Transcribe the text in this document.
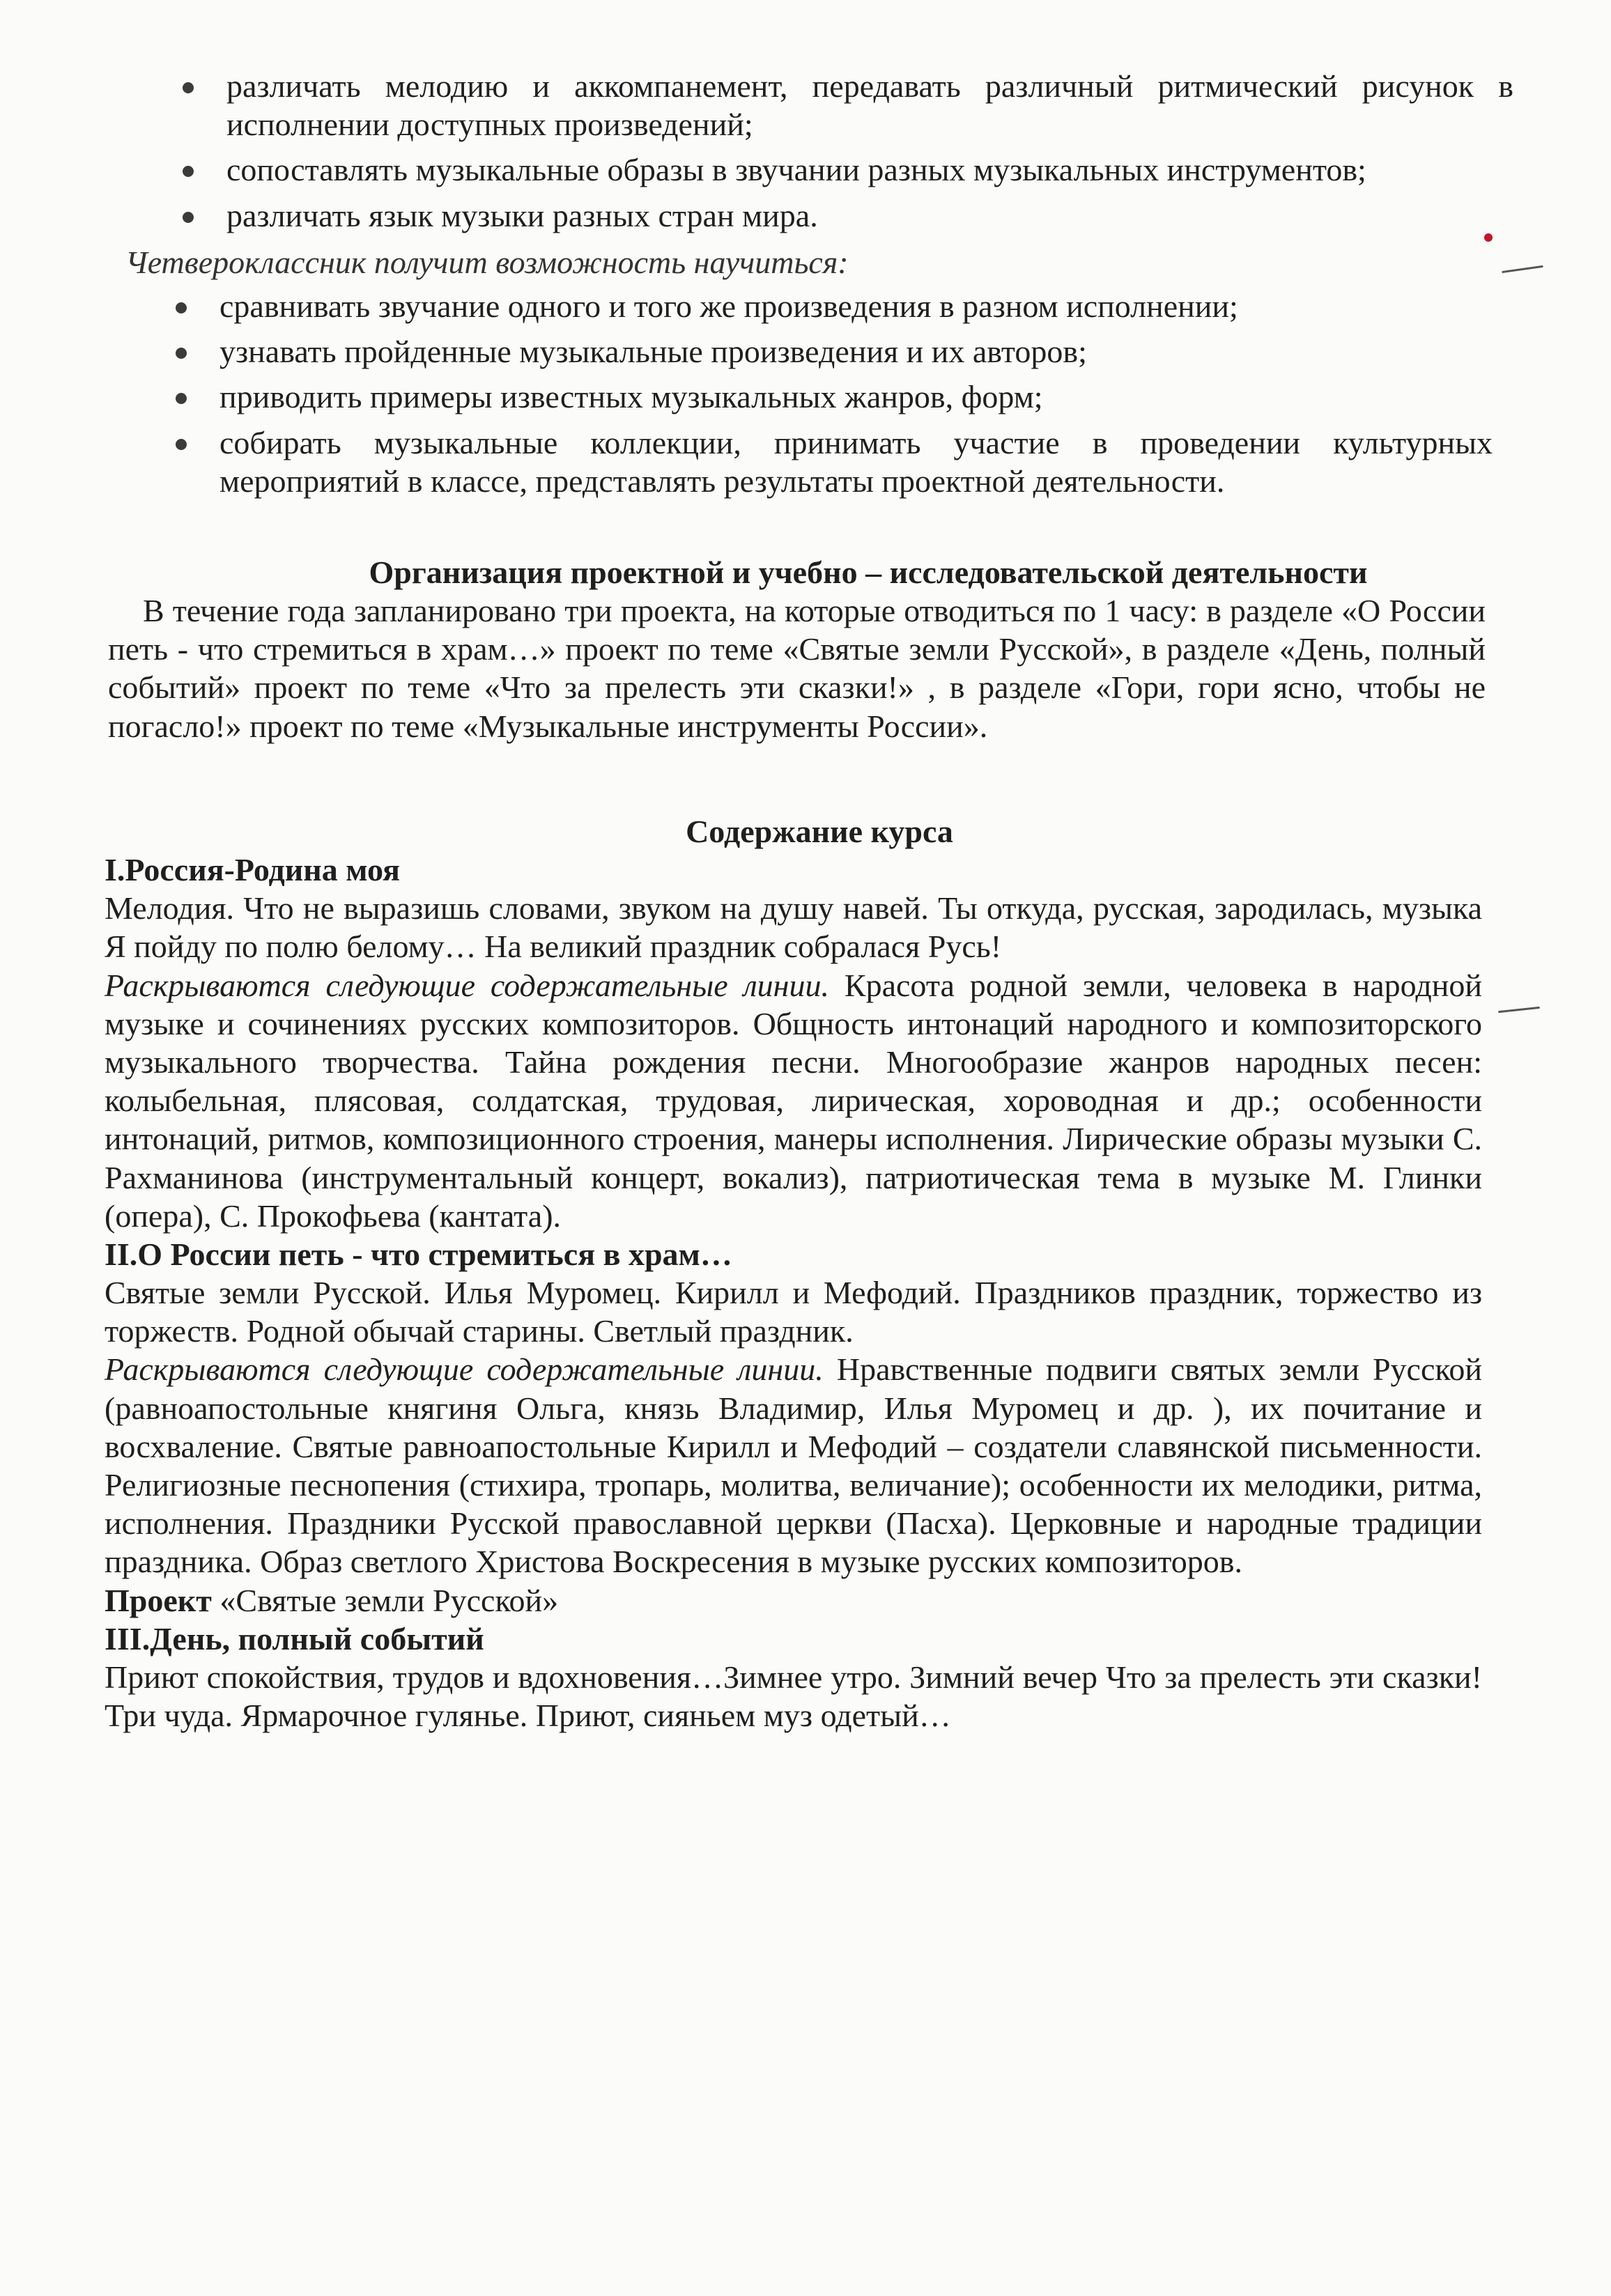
различать мелодию и аккомпанемент, передавать различный ритмический рисунок в исполнении доступных произведений;
сопоставлять музыкальные образы в звучании разных музыкальных инструментов;
различать язык музыки разных стран мира.
Четвероклассник получит возможность научиться:
сравнивать звучание одного и того же произведения в разном исполнении;
узнавать пройденные музыкальные произведения и их авторов;
приводить примеры известных музыкальных жанров, форм;
собирать музыкальные коллекции, принимать участие в проведении культурных мероприятий в классе, представлять результаты проектной деятельности.
Организация проектной и учебно – исследовательской деятельности
В течение года запланировано три проекта, на которые отводиться по 1 часу: в разделе «О России петь - что стремиться в храм…» проект по теме «Святые земли Русской», в разделе «День, полный событий» проект по теме «Что за прелесть эти сказки!» , в разделе «Гори, гори ясно, чтобы не погасло!» проект по теме «Музыкальные инструменты России».
Содержание курса
I.Россия-Родина моя
Мелодия. Что не выразишь словами, звуком на душу навей. Ты откуда, русская, зародилась, музыка Я пойду по полю белому… На великий праздник собралася Русь!
Раскрываются следующие содержательные линии. Красота родной земли, человека в народной музыке и сочинениях русских композиторов. Общность интонаций народного и композиторского музыкального творчества. Тайна рождения песни. Многообразие жанров народных песен: колыбельная, плясовая, солдатская, трудовая, лирическая, хороводная и др.; особенности интонаций, ритмов, композиционного строения, манеры исполнения. Лирические образы музыки С. Рахманинова (инструментальный концерт, вокализ), патриотическая тема в музыке М. Глинки (опера), С. Прокофьева (кантата).
II.О России петь - что стремиться в храм…
Святые земли Русской. Илья Муромец. Кирилл и Мефодий. Праздников праздник, торжество из торжеств. Родной обычай старины. Светлый праздник.
Раскрываются следующие содержательные линии. Нравственные подвиги святых земли Русской (равноапостольные княгиня Ольга, князь Владимир, Илья Муромец и др. ), их почитание и восхваление. Святые равноапостольные Кирилл и Мефодий – создатели славянской письменности. Религиозные песнопения (стихира, тропарь, молитва, величание); особенности их мелодики, ритма, исполнения. Праздники Русской православной церкви (Пасха). Церковные и народные традиции праздника. Образ светлого Христова Воскресения в музыке русских композиторов.
Проект «Святые земли Русской»
III.День, полный событий
Приют спокойствия, трудов и вдохновения…Зимнее утро. Зимний вечер Что за прелесть эти сказки! Три чуда. Ярмарочное гулянье. Приют, сияньем муз одетый…
